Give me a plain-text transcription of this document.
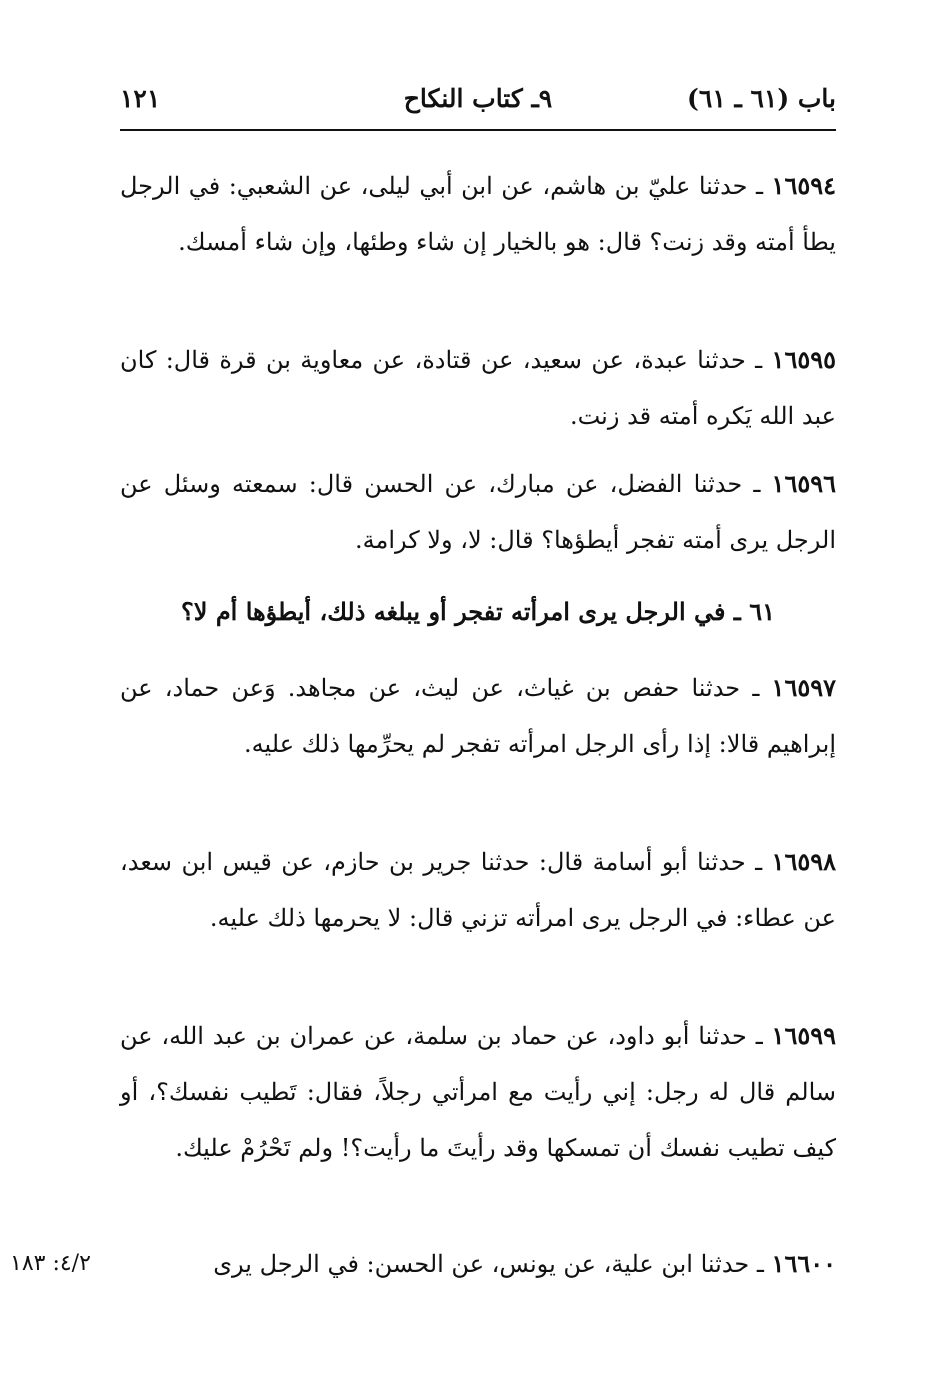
باب (٦١ ـ ٦١)
٩ـ كتاب النكاح
١٢١
١٦٥٩٤ ـ حدثنا عليّ بن هاشم، عن ابن أبي ليلى، عن الشعبي: في الرجل يطأ أمته وقد زنت؟ قال: هو بالخيار إن شاء وطئها، وإن شاء أمسك.
١٦٥٩٥ ـ حدثنا عبدة، عن سعيد، عن قتادة، عن معاوية بن قرة قال: كان عبد الله يَكره أمته قد زنت.
١٦٥٩٦ ـ حدثنا الفضل، عن مبارك، عن الحسن قال: سمعته وسئل عن الرجل يرى أمته تفجر أيطؤها؟ قال: لا، ولا كرامة.
٦١ ـ في الرجل يرى امرأته تفجر أو يبلغه ذلك، أيطؤها أم لا؟
١٦٥٩٧ ـ حدثنا حفص بن غياث، عن ليث، عن مجاهد. وَعن حماد، عن إبراهيم قالا: إذا رأى الرجل امرأته تفجر لم يحرِّمها ذلك عليه.
١٦٥٩٨ ـ حدثنا أبو أسامة قال: حدثنا جرير بن حازم، عن قيس ابن سعد، عن عطاء: في الرجل يرى امرأته تزني قال: لا يحرمها ذلك عليه.
١٦٥٩٩ ـ حدثنا أبو داود، عن حماد بن سلمة، عن عمران بن عبد الله، عن سالم قال له رجل: إني رأيت مع امرأتي رجلاً، فقال: تَطيب نفسك؟، أو كيف تطيب نفسك أن تمسكها وقد رأيتَ ما رأيت؟! ولم تَحْرُمْ عليك.
١٦٦٠٠ ـ حدثنا ابن علية، عن يونس، عن الحسن: في الرجل يرى
٤/٢: ١٨٣
